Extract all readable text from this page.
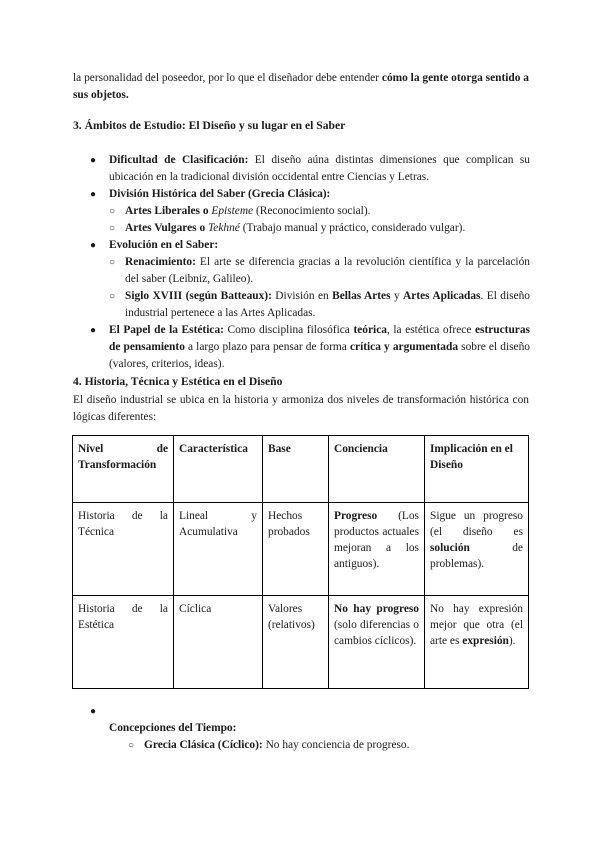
la personalidad del poseedor, por lo que el diseñador debe entender cómo la gente otorga sentido a sus objetos.
3. Ámbitos de Estudio: El Diseño y su lugar en el Saber
● Dificultad de Clasificación: El diseño aúna distintas dimensiones que complican su ubicación en la tradicional división occidental entre Ciencias y Letras.
● División Histórica del Saber (Grecia Clásica):
○ Artes Liberales o Episteme (Reconocimiento social).
○ Artes Vulgares o Tekhné (Trabajo manual y práctico, considerado vulgar).
● Evolución en el Saber:
○ Renacimiento: El arte se diferencia gracias a la revolución científica y la parcelación del saber (Leibniz, Galileo).
○ Siglo XVIII (según Batteaux): División en Bellas Artes y Artes Aplicadas. El diseño industrial pertenece a las Artes Aplicadas.
● El Papel de la Estética: Como disciplina filosófica teórica, la estética ofrece estructuras de pensamiento a largo plazo para pensar de forma crítica y argumentada sobre el diseño (valores, criterios, ideas).
4. Historia, Técnica y Estética en el Diseño
El diseño industrial se ubica en la historia y armoniza dos niveles de transformación histórica con lógicas diferentes:
Nivel de Transformación	Característica	Base	Conciencia	Implicación en el Diseño
Historia de la Técnica	Lineal y Acumulativa	Hechos probados	Progreso (Los productos actuales mejoran a los antiguos).	Sigue un progreso (el diseño es solución de problemas).
Historia de la Estética	Cíclica	Valores (relativos)	No hay progreso (solo diferencias o cambios cíclicos).	No hay expresión mejor que otra (el arte es expresión).
●
Concepciones del Tiempo:
○ Grecia Clásica (Cíclico): No hay conciencia de progreso.
